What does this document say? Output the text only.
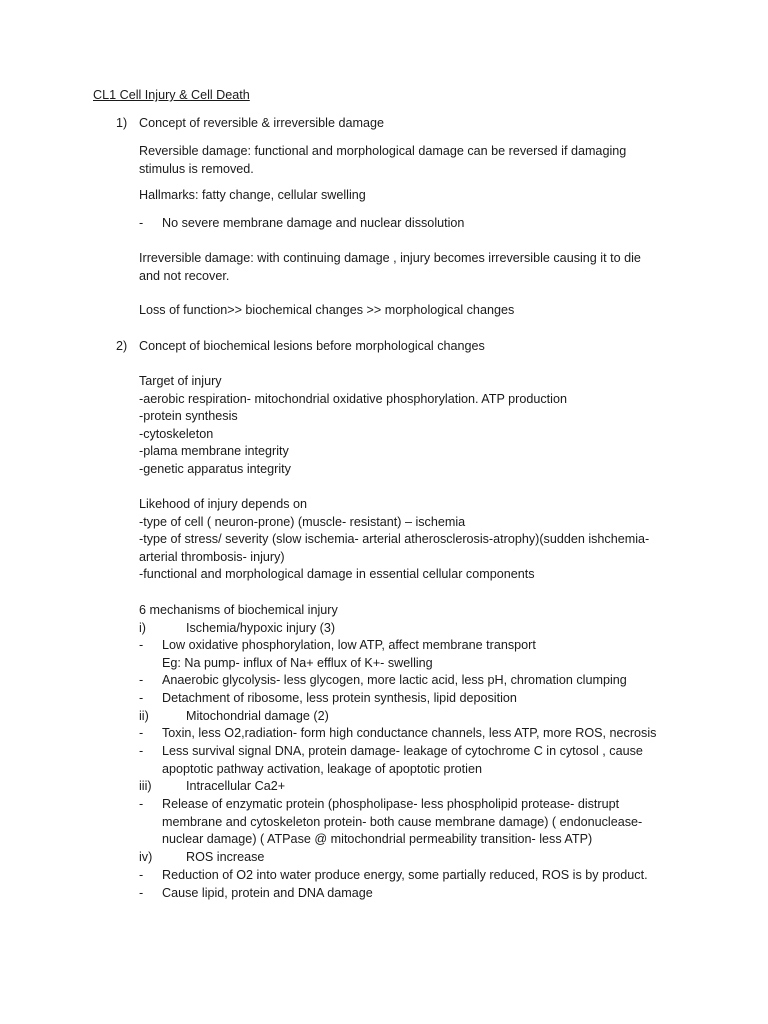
CL1 Cell Injury & Cell Death
1) Concept of reversible & irreversible damage
Reversible damage: functional and morphological damage can be reversed if damaging
stimulus is removed.
Hallmarks: fatty change, cellular swelling
- No severe membrane damage and nuclear dissolution
Irreversible damage: with continuing damage , injury becomes irreversible causing it to die
and not recover.
Loss of function>> biochemical changes >> morphological changes
2) Concept of biochemical lesions before morphological changes
Target of injury
-aerobic respiration- mitochondrial oxidative phosphorylation. ATP production
-protein synthesis
-cytoskeleton
-plama membrane integrity
-genetic apparatus integrity
Likehood of injury depends on
-type of cell ( neuron-prone) (muscle- resistant) – ischemia
-type of stress/ severity (slow ischemia- arterial atherosclerosis-atrophy)(sudden ishchemia-
arterial thrombosis- injury)
-functional and morphological damage in essential cellular components
6 mechanisms of biochemical injury
i)	Ischemia/hypoxic injury (3)
- Low oxidative phosphorylation, low ATP, affect membrane transport
Eg: Na pump- influx of Na+ efflux of K+- swelling
- Anaerobic glycolysis- less glycogen, more lactic acid, less pH, chromation clumping
- Detachment of ribosome, less protein synthesis, lipid deposition
ii)	Mitochondrial damage (2)
- Toxin, less O2,radiation- form high conductance channels, less ATP, more ROS, necrosis
- Less survival signal DNA, protein damage- leakage of cytochrome C in cytosol , cause
apoptotic pathway activation, leakage of apoptotic protien
iii)	Intracellular Ca2+
- Release of enzymatic protein (phospholipase- less phospholipid protease- distrupt
membrane and cytoskeleton protein- both cause membrane damage) ( endonuclease-
nuclear damage) ( ATPase @ mitochondrial permeability transition- less ATP)
iv)	ROS increase
- Reduction of O2 into water produce energy, some partially reduced, ROS is by product.
- Cause lipid, protein and DNA damage
